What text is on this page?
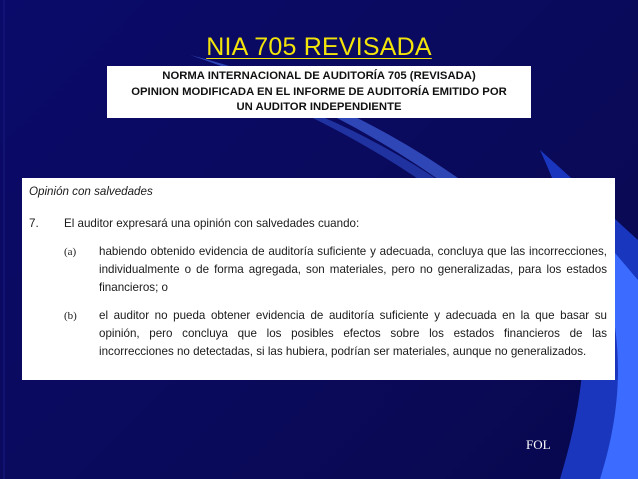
NIA 705 REVISADA
NORMA INTERNACIONAL DE AUDITORÍA 705 (REVISADA)
OPINION MODIFICADA EN EL INFORME DE AUDITORÍA EMITIDO POR
UN AUDITOR INDEPENDIENTE
Opinión con salvedades
7. El auditor expresará una opinión con salvedades cuando:
(a) habiendo obtenido evidencia de auditoría suficiente y adecuada, concluya que las incorrecciones, individualmente o de forma agregada, son materiales, pero no generalizadas, para los estados financieros; o
(b) el auditor no pueda obtener evidencia de auditoría suficiente y adecuada en la que basar su opinión, pero concluya que los posibles efectos sobre los estados financieros de las incorrecciones no detectadas, si las hubiera, podrían ser materiales, aunque no generalizados.
FOL
